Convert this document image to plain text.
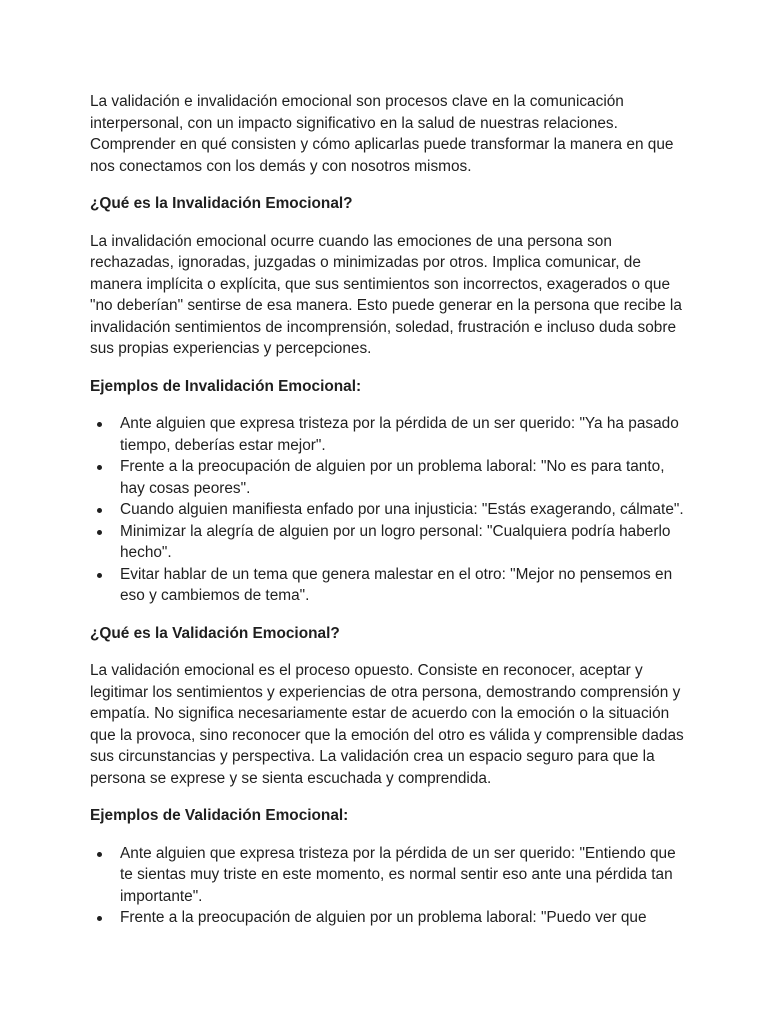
La validación e invalidación emocional son procesos clave en la comunicación interpersonal, con un impacto significativo en la salud de nuestras relaciones. Comprender en qué consisten y cómo aplicarlas puede transformar la manera en que nos conectamos con los demás y con nosotros mismos.

¿Qué es la Invalidación Emocional?

La invalidación emocional ocurre cuando las emociones de una persona son rechazadas, ignoradas, juzgadas o minimizadas por otros. Implica comunicar, de manera implícita o explícita, que sus sentimientos son incorrectos, exagerados o que "no deberían" sentirse de esa manera. Esto puede generar en la persona que recibe la invalidación sentimientos de incomprensión, soledad, frustración e incluso duda sobre sus propias experiencias y percepciones.

Ejemplos de Invalidación Emocional:
Ante alguien que expresa tristeza por la pérdida de un ser querido: "Ya ha pasado tiempo, deberías estar mejor".
Frente a la preocupación de alguien por un problema laboral: "No es para tanto, hay cosas peores".
Cuando alguien manifiesta enfado por una injusticia: "Estás exagerando, cálmate".
Minimizar la alegría de alguien por un logro personal: "Cualquiera podría haberlo hecho".
Evitar hablar de un tema que genera malestar en el otro: "Mejor no pensemos en eso y cambiemos de tema".
¿Qué es la Validación Emocional?

La validación emocional es el proceso opuesto. Consiste en reconocer, aceptar y legitimar los sentimientos y experiencias de otra persona, demostrando comprensión y empatía. No significa necesariamente estar de acuerdo con la emoción o la situación que la provoca, sino reconocer que la emoción del otro es válida y comprensible dadas sus circunstancias y perspectiva. La validación crea un espacio seguro para que la persona se exprese y se sienta escuchada y comprendida.

Ejemplos de Validación Emocional:
Ante alguien que expresa tristeza por la pérdida de un ser querido: "Entiendo que te sientas muy triste en este momento, es normal sentir eso ante una pérdida tan importante".
Frente a la preocupación de alguien por un problema laboral: "Puedo ver que
